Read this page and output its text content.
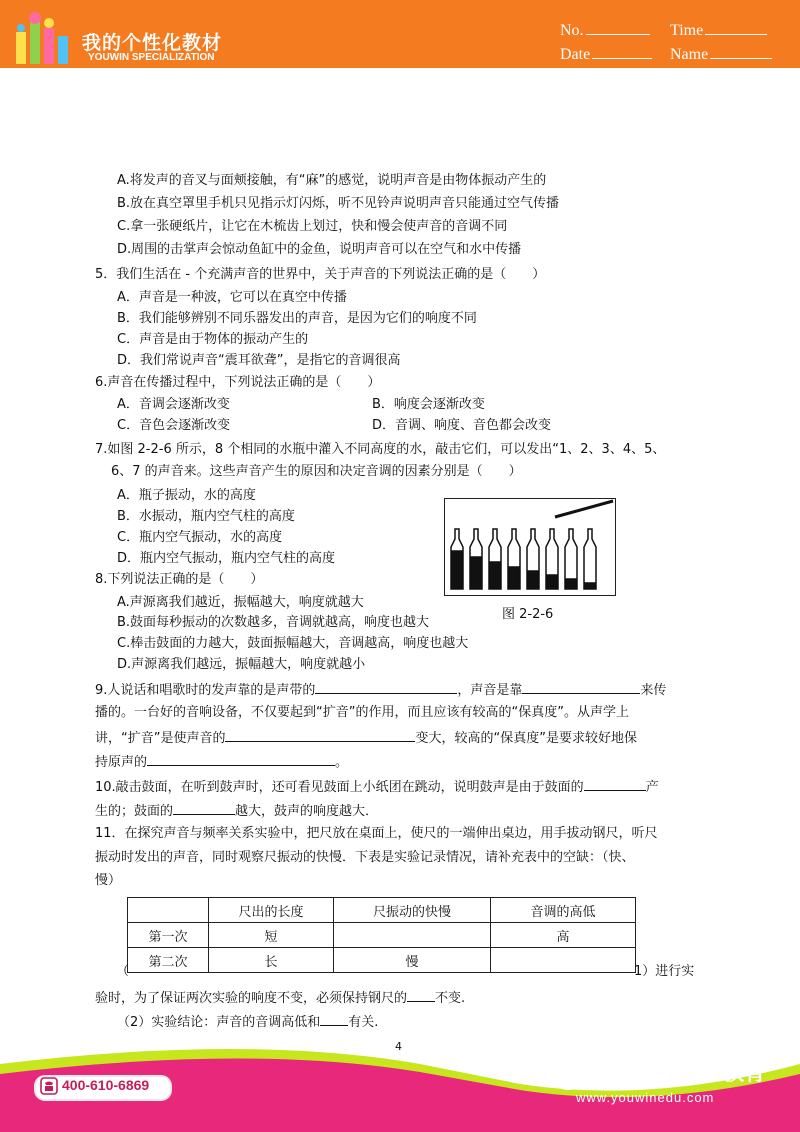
我的个性化教材
YOUWIN SPECIALIZATION
No.	Time
Date	Name
A.将发声的音叉与面颊接触，有“麻”的感觉，说明声音是由物体振动产生的
B.放在真空罩里手机只见指示灯闪烁，听不见铃声说明声音只能通过空气传播
C.拿一张硬纸片，让它在木梳齿上划过，快和慢会使声音的音调不同
D.周围的击掌声会惊动鱼缸中的金鱼，说明声音可以在空气和水中传播
5．我们生活在 - 个充满声音的世界中，关于声音的下列说法正确的是（　　）
A．声音是一种波，它可以在真空中传播
B．我们能够辨别不同乐器发出的声音，是因为它们的响度不同
C．声音是由于物体的振动产生的
D．我们常说声音“震耳欲聋”，是指它的音调很高
6.声音在传播过程中，下列说法正确的是（　　）
A．音调会逐渐改变	B．响度会逐渐改变
C．音色会逐渐改变	D．音调、响度、音色都会改变
7.如图 2-2-6 所示，8 个相同的水瓶中灌入不同高度的水，敲击它们，可以发出“1、2、3、4、5、
6、7 的声音来。这些声音产生的原因和决定音调的因素分别是（　　）
A．瓶子振动，水的高度
B．水振动，瓶内空气柱的高度
C．瓶内空气振动，水的高度
D．瓶内空气振动，瓶内空气柱的高度
图 2-2-6
8.下列说法正确的是（　　）
A.声源离我们越近，振幅越大，响度就越大
B.鼓面每秒振动的次数越多，音调就越高，响度也越大
C.棒击鼓面的力越大，鼓面振幅越大，音调越高，响度也越大
D.声源离我们越远，振幅越大，响度就越小
9.人说话和唱歌时的发声靠的是声带的	，声音是靠	来传
播的。一台好的音响设备，不仅要起到“扩音”的作用，而且应该有较高的“保真度”。从声学上
讲，“扩音”是使声音的	变大，较高的“保真度”是要求较好地保
持原声的	。
10.敲击鼓面，在听到鼓声时，还可看见鼓面上小纸团在跳动，说明鼓声是由于鼓面的	产
生的；鼓面的	越大，鼓声的响度越大．
11．在探究声音与频率关系实验中，把尺放在桌面上，使尺的一端伸出桌边，用手拔动钢尺，听尺
振动时发出的声音，同时观察尺振动的快慢．下表是实验记录情况，请补充表中的空缺：（快、
慢）
	尺出的长度	尺振动的快慢	音调的高低
第一次	短		高
第二次	长	慢	
（	1）进行实
验时，为了保证两次实验的响度不变，必须保持钢尺的 不变.
（2）实验结论：声音的音调高低和 有关.
4
400-610-6869
YOUWIN
EDUCATION 优胜教育
www.youwinedu.com
